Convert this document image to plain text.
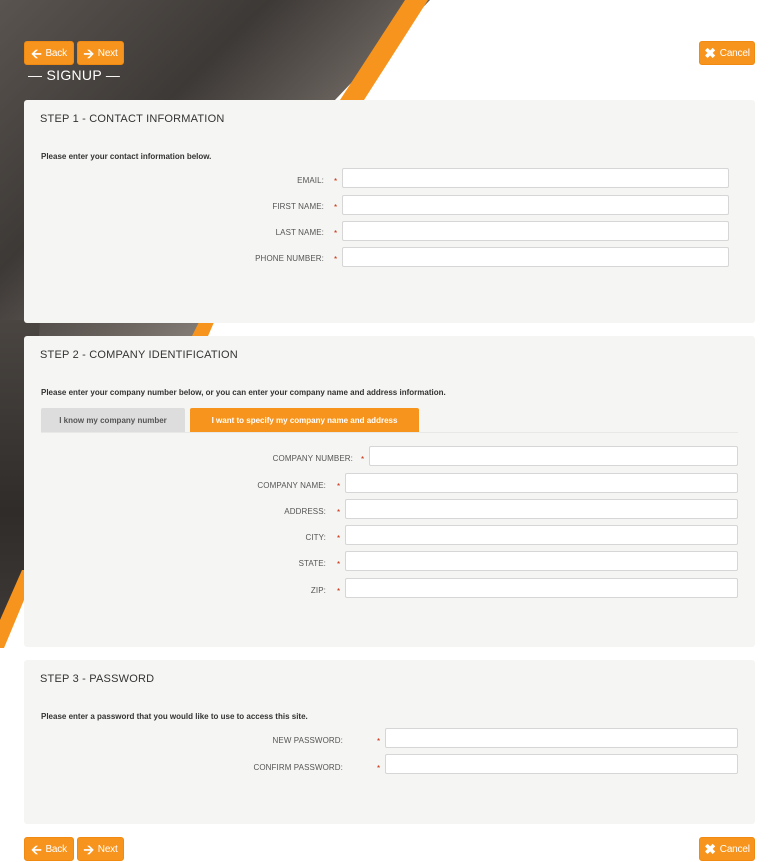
🡨 Back 🡪 Next	✖ Cancel
— SIGNUP —
STEP 1 - CONTACT INFORMATION
Please enter your contact information below.
EMAIL: *
FIRST NAME: *
LAST NAME: *
PHONE NUMBER: *
STEP 2 - COMPANY IDENTIFICATION
Please enter your company number below, or you can enter your company name and address information.
I know my company number	I want to specify my company name and address
COMPANY NUMBER: *
COMPANY NAME: *
ADDRESS: *
CITY: *
STATE: *
ZIP: *
STEP 3 - PASSWORD
Please enter a password that you would like to use to access this site.
NEW PASSWORD:	*
CONFIRM PASSWORD:	*
🡨 Back 🡪 Next	✖ Cancel
